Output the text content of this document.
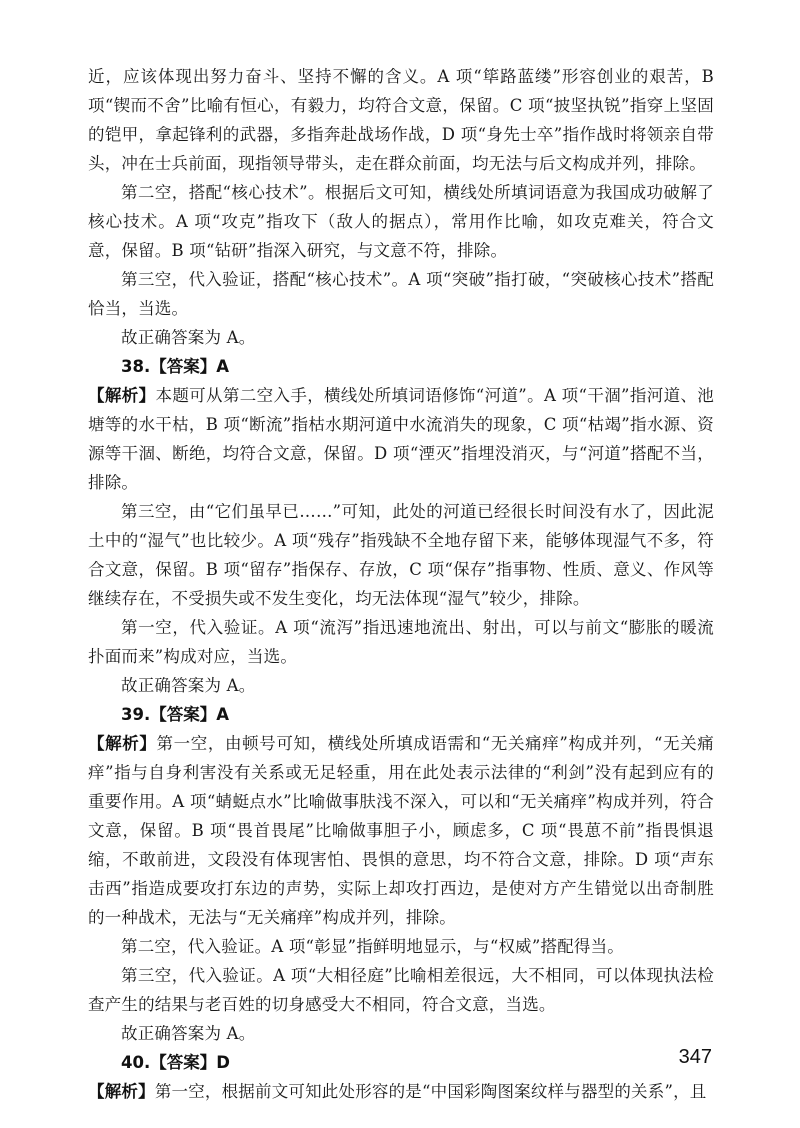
近，应该体现出努力奋斗、坚持不懈的含义。A 项“筚路蓝缕”形容创业的艰苦，B 项“锲而不舍”比喻有恒心，有毅力，均符合文意，保留。C 项“披坚执锐”指穿上坚固的铠甲，拿起锋利的武器，多指奔赴战场作战，D 项“身先士卒”指作战时将领亲自带头，冲在士兵前面，现指领导带头，走在群众前面，均无法与后文构成并列，排除。

第二空，搭配“核心技术”。根据后文可知，横线处所填词语意为我国成功破解了核心技术。A 项“攻克”指攻下（敌人的据点），常用作比喻，如攻克难关，符合文意，保留。B 项“钻研”指深入研究，与文意不符，排除。

第三空，代入验证，搭配“核心技术”。A 项“突破”指打破，“突破核心技术”搭配恰当，当选。

故正确答案为 A。

38.【答案】A

【解析】本题可从第二空入手，横线处所填词语修饰“河道”。A 项“干涸”指河道、池塘等的水干枯，B 项“断流”指枯水期河道中水流消失的现象，C 项“枯竭”指水源、资源等干涸、断绝，均符合文意，保留。D 项“湮灭”指埋没消灭，与“河道”搭配不当，排除。

第三空，由“它们虽早已……”可知，此处的河道已经很长时间没有水了，因此泥土中的“湿气”也比较少。A 项“残存”指残缺不全地存留下来，能够体现湿气不多，符合文意，保留。B 项“留存”指保存、存放，C 项“保存”指事物、性质、意义、作风等继续存在，不受损失或不发生变化，均无法体现“湿气”较少，排除。

第一空，代入验证。A 项“流泻”指迅速地流出、射出，可以与前文“膨胀的暖流扑面而来”构成对应，当选。

故正确答案为 A。

39.【答案】A

【解析】第一空，由顿号可知，横线处所填成语需和“无关痛痒”构成并列，“无关痛痒”指与自身利害没有关系或无足轻重，用在此处表示法律的“利剑”没有起到应有的重要作用。A 项“蜻蜓点水”比喻做事肤浅不深入，可以和“无关痛痒”构成并列，符合文意，保留。B 项“畏首畏尾”比喻做事胆子小，顾虑多，C 项“畏葸不前”指畏惧退缩，不敢前进，文段没有体现害怕、畏惧的意思，均不符合文意，排除。D 项“声东击西”指造成要攻打东边的声势，实际上却攻打西边，是使对方产生错觉以出奇制胜的一种战术，无法与“无关痛痒”构成并列，排除。

第二空，代入验证。A 项“彰显”指鲜明地显示，与“权威”搭配得当。

第三空，代入验证。A 项“大相径庭”比喻相差很远，大不相同，可以体现执法检查产生的结果与老百姓的切身感受大不相同，符合文意，当选。

故正确答案为 A。

40.【答案】D

【解析】第一空，根据前文可知此处形容的是“中国彩陶图案纹样与器型的关系”，且

347
